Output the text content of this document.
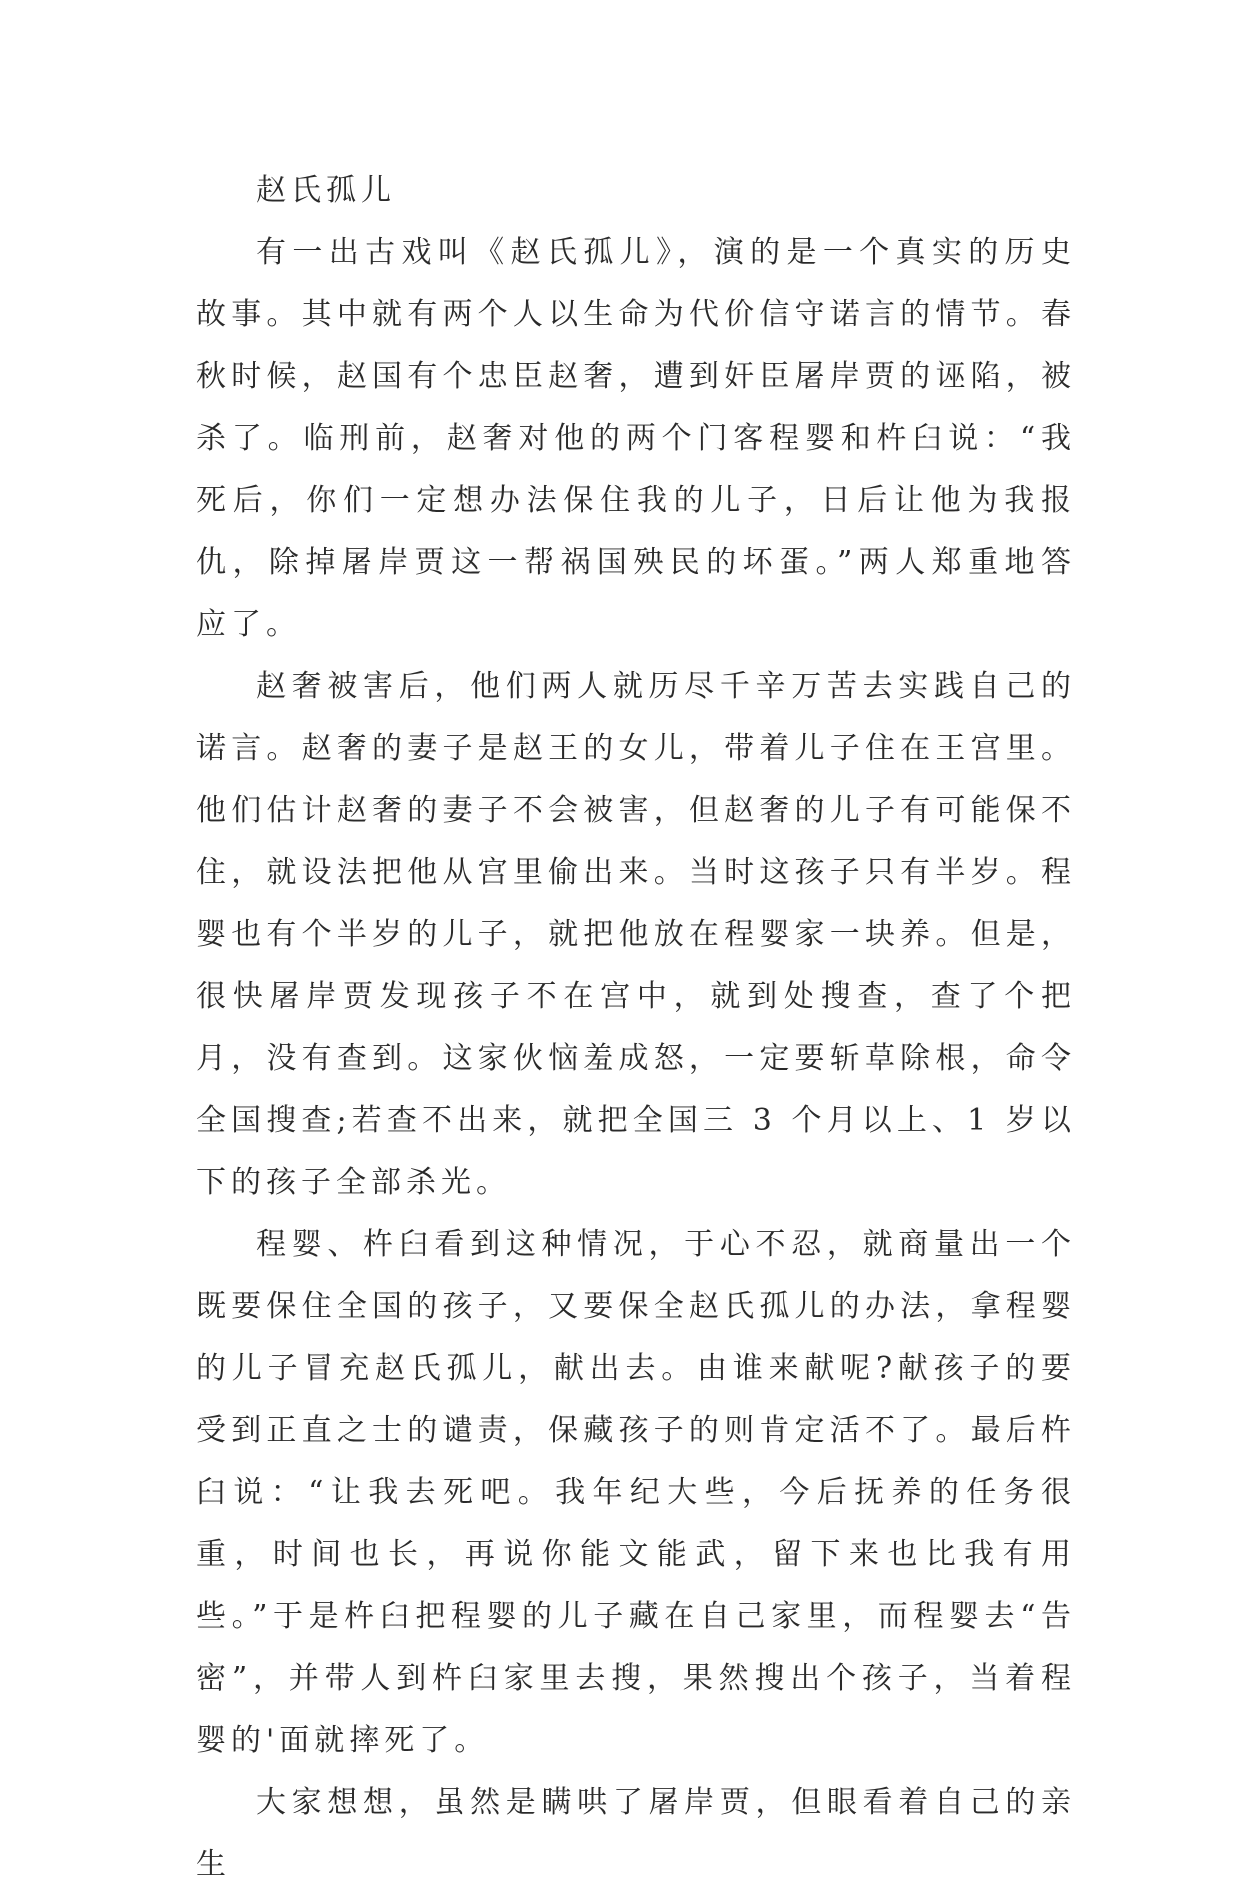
赵氏孤儿

有一出古戏叫《赵氏孤儿》，演的是一个真实的历史故事。其中就有两个人以生命为代价信守诺言的情节。春秋时候，赵国有个忠臣赵奢，遭到奸臣屠岸贾的诬陷，被杀了。临刑前，赵奢对他的两个门客程婴和杵臼说：“我死后，你们一定想办法保住我的儿子，日后让他为我报仇，除掉屠岸贾这一帮祸国殃民的坏蛋。”两人郑重地答应了。

赵奢被害后，他们两人就历尽千辛万苦去实践自己的诺言。赵奢的妻子是赵王的女儿，带着儿子住在王宫里。他们估计赵奢的妻子不会被害，但赵奢的儿子有可能保不住，就设法把他从宫里偷出来。当时这孩子只有半岁。程婴也有个半岁的儿子，就把他放在程婴家一块养。但是，很快屠岸贾发现孩子不在宫中，就到处搜查，查了个把月，没有查到。这家伙恼羞成怒，一定要斩草除根，命令全国搜查;若查不出来，就把全国三 3 个月以上、1 岁以下的孩子全部杀光。

程婴、杵臼看到这种情况，于心不忍，就商量出一个既要保住全国的孩子，又要保全赵氏孤儿的办法，拿程婴的儿子冒充赵氏孤儿，献出去。由谁来献呢?献孩子的要受到正直之士的谴责，保藏孩子的则肯定活不了。最后杵臼说：“让我去死吧。我年纪大些，今后抚养的任务很重，时间也长，再说你能文能武，留下来也比我有用些。”于是杵臼把程婴的儿子藏在自己家里，而程婴去“告密”，并带人到杵臼家里去搜，果然搜出个孩子，当着程婴的'面就摔死了。

大家想想，虽然是瞒哄了屠岸贾，但眼看着自己的亲生
